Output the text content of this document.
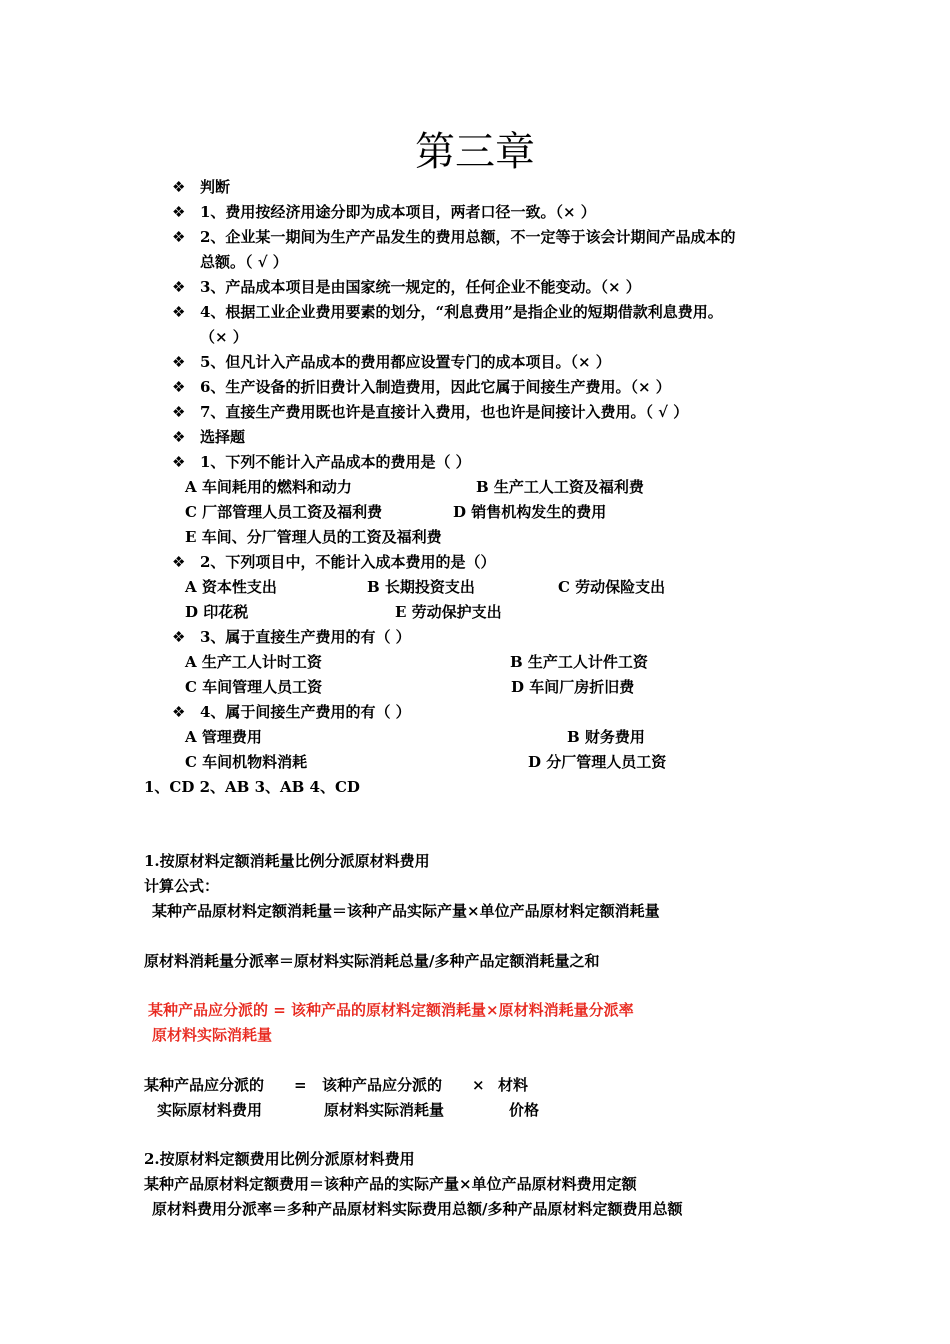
第三章
❖ 判断
❖ 1、费用按经济用途分即为成本项目，两者口径一致。（× ）
❖ 2、企业某一期间为生产产品发生的费用总额，不一定等于该会计期间产品成本的
总额。（ √ ）
❖ 3、产品成本项目是由国家统一规定的，任何企业不能变动。（× ）
❖ 4、根据工业企业费用要素的划分，“利息费用”是指企业的短期借款利息费用。
（× ）
❖ 5、但凡计入产品成本的费用都应设置专门的成本项目。（× ）
❖ 6、生产设备的折旧费计入制造费用，因此它属于间接生产费用。（× ）
❖ 7、直接生产费用既也许是直接计入费用，也也许是间接计入费用。（ √ ）
❖ 选择题
❖ 1、下列不能计入产品成本的费用是（ ）
A 车间耗用的燃料和动力	B 生产工人工资及福利费
C 厂部管理人员工资及福利费	D 销售机构发生的费用
E 车间、分厂管理人员的工资及福利费
❖ 2、下列项目中，不能计入成本费用的是（）
A 资本性支出	B 长期投资支出	C 劳动保险支出
D 印花税	E 劳动保护支出
❖ 3、属于直接生产费用的有（ ）
A 生产工人计时工资	B 生产工人计件工资
C 车间管理人员工资	D 车间厂房折旧费
❖ 4、属于间接生产费用的有（ ）
A 管理费用	B 财务费用
C 车间机物料消耗	D 分厂管理人员工资
1、CD 2、AB 3、AB 4、CD
1.按原材料定额消耗量比例分派原材料费用
计算公式：
某种产品原材料定额消耗量＝该种产品实际产量×单位产品原材料定额消耗量
原材料消耗量分派率＝原材料实际消耗总量/多种产品定额消耗量之和
某种产品应分派的 = 该种产品的原材料定额消耗量×原材料消耗量分派率
原材料实际消耗量
某种产品应分派的 = 该种产品应分派的 × 材料
实际原材料费用	原材料实际消耗量	价格
2.按原材料定额费用比例分派原材料费用
某种产品原材料定额费用＝该种产品的实际产量×单位产品原材料费用定额
原材料费用分派率＝多种产品原材料实际费用总额/多种产品原材料定额费用总额
